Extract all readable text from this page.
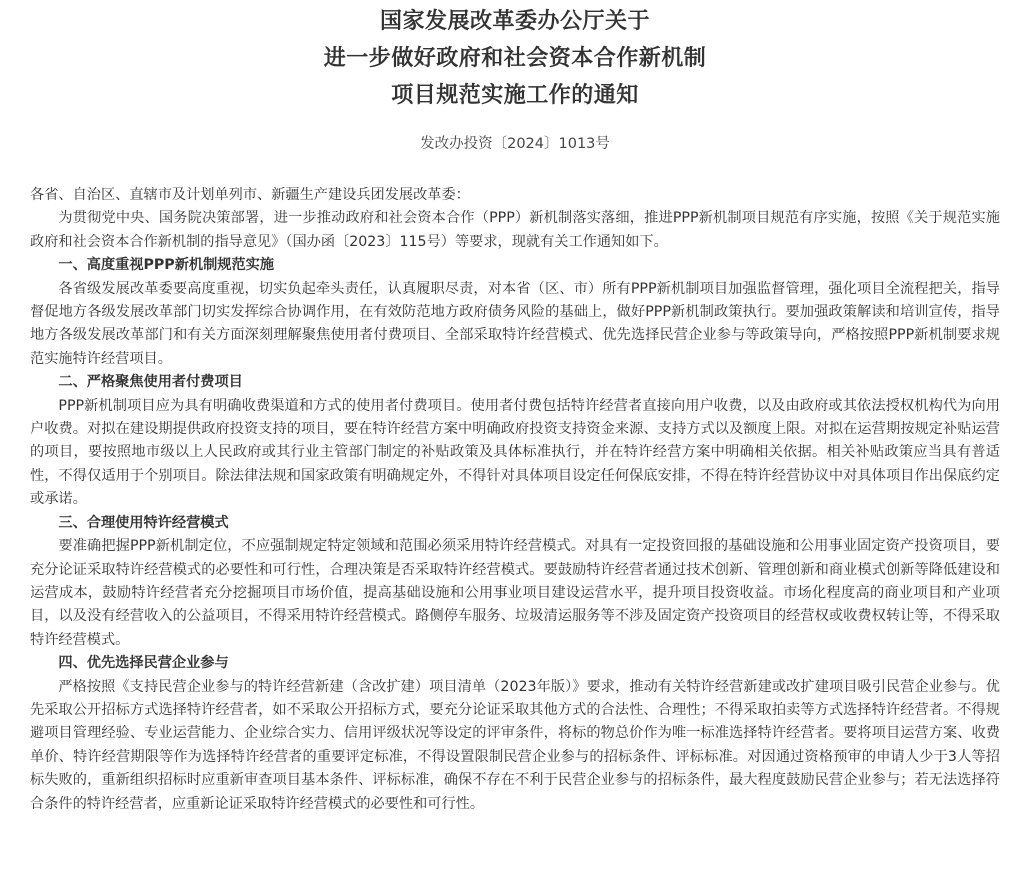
国家发展改革委办公厅关于
进一步做好政府和社会资本合作新机制
项目规范实施工作的通知
发改办投资〔2024〕1013号

各省、自治区、直辖市及计划单列市、新疆生产建设兵团发展改革委：

为贯彻党中央、国务院决策部署，进一步推动政府和社会资本合作（PPP）新机制落实落细，推进PPP新机制项目规范有序实施，按照《关于规范实施政府和社会资本合作新机制的指导意见》（国办函〔2023〕115号）等要求，现就有关工作通知如下。

一、高度重视PPP新机制规范实施

各省级发展改革委要高度重视，切实负起牵头责任，认真履职尽责，对本省（区、市）所有PPP新机制项目加强监督管理，强化项目全流程把关，指导督促地方各级发展改革部门切实发挥综合协调作用，在有效防范地方政府债务风险的基础上，做好PPP新机制政策执行。要加强政策解读和培训宣传，指导地方各级发展改革部门和有关方面深刻理解聚焦使用者付费项目、全部采取特许经营模式、优先选择民营企业参与等政策导向，严格按照PPP新机制要求规范实施特许经营项目。

二、严格聚焦使用者付费项目

PPP新机制项目应为具有明确收费渠道和方式的使用者付费项目。使用者付费包括特许经营者直接向用户收费，以及由政府或其依法授权机构代为向用户收费。对拟在建设期提供政府投资支持的项目，要在特许经营方案中明确政府投资支持资金来源、支持方式以及额度上限。对拟在运营期按规定补贴运营的项目，要按照地市级以上人民政府或其行业主管部门制定的补贴政策及具体标准执行，并在特许经营方案中明确相关依据。相关补贴政策应当具有普适性，不得仅适用于个别项目。除法律法规和国家政策有明确规定外，不得针对具体项目设定任何保底安排，不得在特许经营协议中对具体项目作出保底约定或承诺。

三、合理使用特许经营模式

要准确把握PPP新机制定位，不应强制规定特定领域和范围必须采用特许经营模式。对具有一定投资回报的基础设施和公用事业固定资产投资项目，要充分论证采取特许经营模式的必要性和可行性，合理决策是否采取特许经营模式。要鼓励特许经营者通过技术创新、管理创新和商业模式创新等降低建设和运营成本，鼓励特许经营者充分挖掘项目市场价值，提高基础设施和公用事业项目建设运营水平，提升项目投资收益。市场化程度高的商业项目和产业项目，以及没有经营收入的公益项目，不得采用特许经营模式。路侧停车服务、垃圾清运服务等不涉及固定资产投资项目的经营权或收费权转让等，不得采取特许经营模式。

四、优先选择民营企业参与

严格按照《支持民营企业参与的特许经营新建（含改扩建）项目清单（2023年版）》要求，推动有关特许经营新建或改扩建项目吸引民营企业参与。优先采取公开招标方式选择特许经营者，如不采取公开招标方式，要充分论证采取其他方式的合法性、合理性；不得采取拍卖等方式选择特许经营者。不得规避项目管理经验、专业运营能力、企业综合实力、信用评级状况等设定的评审条件，将标的物总价作为唯一标准选择特许经营者。要将项目运营方案、收费单价、特许经营期限等作为选择特许经营者的重要评定标准，不得设置限制民营企业参与的招标条件、评标标准。对因通过资格预审的申请人少于3人等招标失败的，重新组织招标时应重新审查项目基本条件、评标标准，确保不存在不利于民营企业参与的招标条件，最大程度鼓励民营企业参与；若无法选择符合条件的特许经营者，应重新论证采取特许经营模式的必要性和可行性。
